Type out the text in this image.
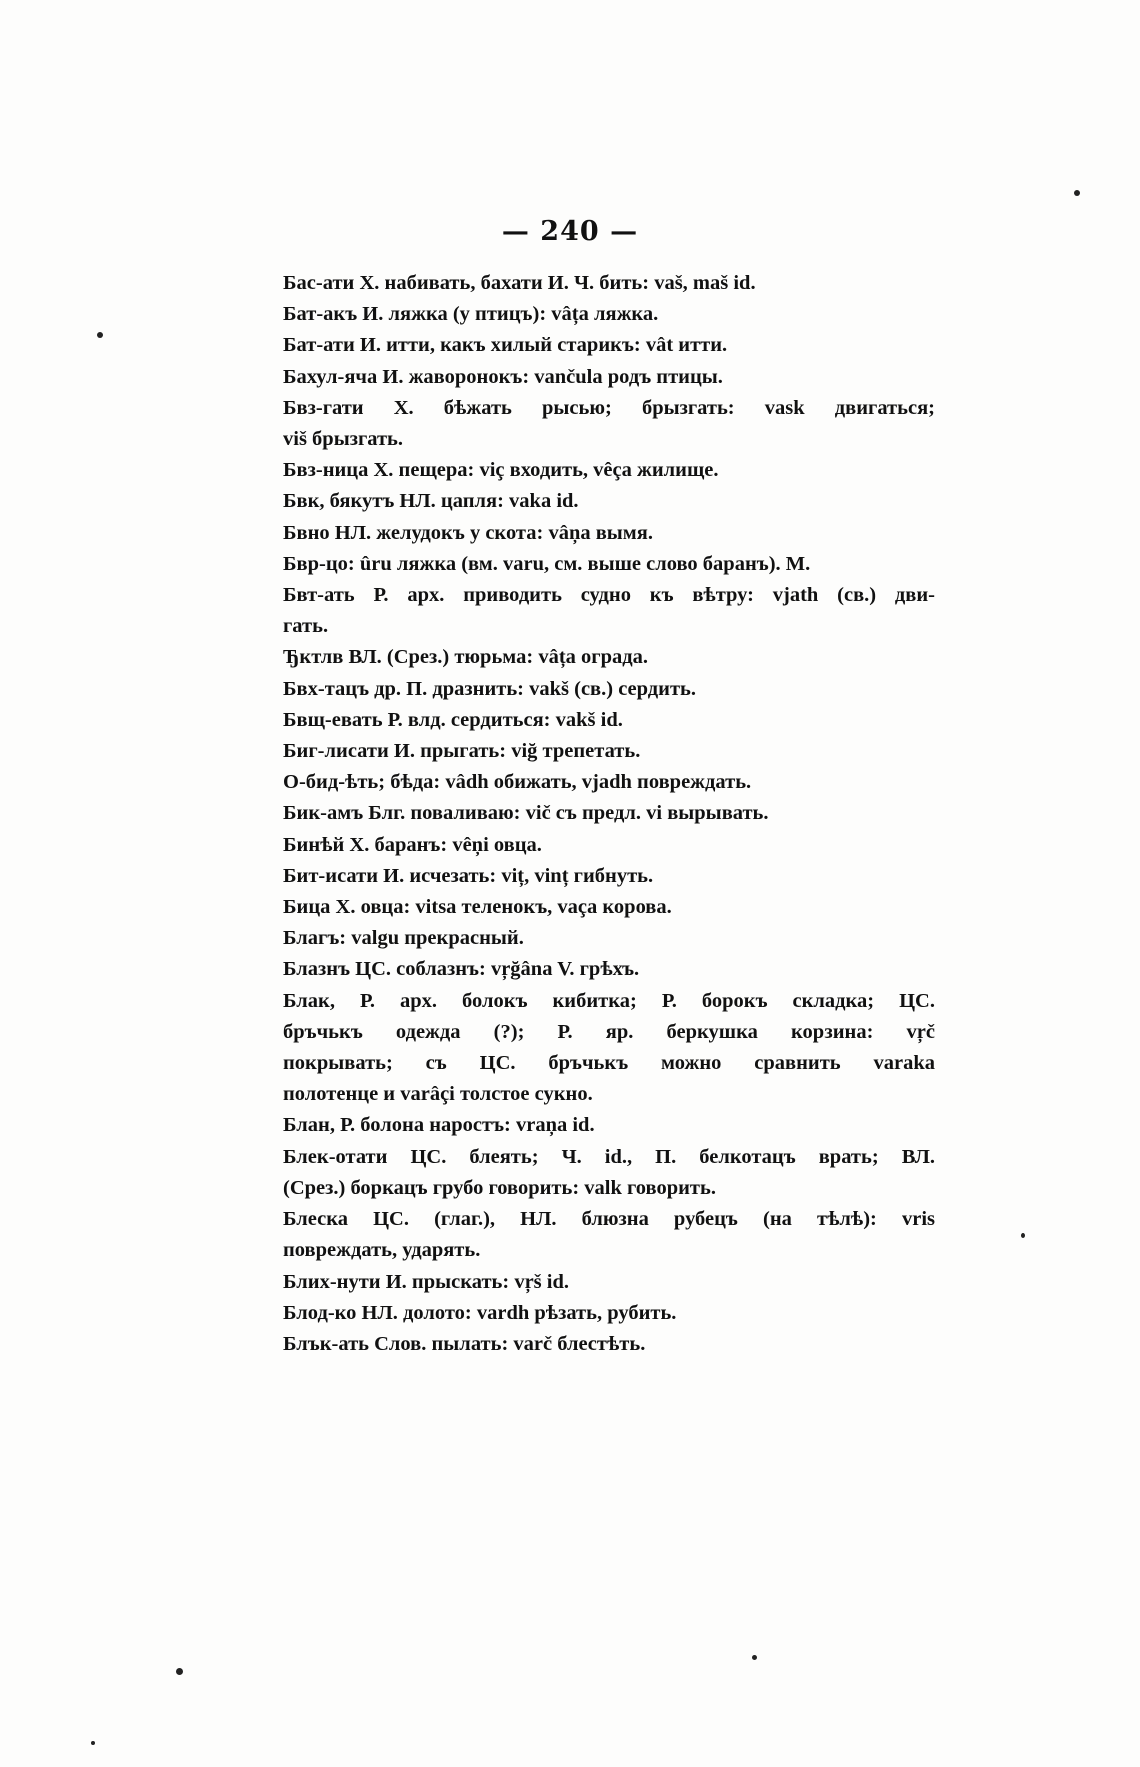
— 240 —
Бас-ати Х. набивать, бахати И. Ч. бить: vaš, maš id.
Бат-акъ И. ляжка (у птицъ): vâța ляжка.
Бат-ати И. итти, какъ хилый старикъ: vât итти.
Бахул-яча И. жаворонокъ: vančula родъ птицы.
Бвз-гати Х. бѣжать рысью; брызгать: vask двигаться;
viš брызгать.
Бвз-ница Х. пещера: viç входить, vêça жилище.
Бвк, бякутъ НЛ. цапля: vaka id.
Бвно НЛ. желудокъ у скота: vâņa вымя.
Бвр-цо: ûru ляжка (вм. varu, см. выше слово баранъ). М.
Бвт-ать Р. арх. приводить судно къ вѣтру: vjath (св.) дви-
гать.
Ђктлв ВЛ. (Срез.) тюрьма: vâța ограда.
Бвх-тацъ др. П. дразнить: vakš (св.) сердить.
Бвщ-евать Р. влд. сердиться: vakš id.
Биг-лисати И. прыгать: viğ трепетать.
О-бид-ѣть; бѣда: vâdh обижать, vjadh повреждать.
Бик-амъ Блг. поваливаю: vič съ предл. vi вырывать.
Бинѣй Х. баранъ: vêņi овца.
Бит-исати И. исчезать: viț, vinț гибнуть.
Бица Х. овца: vitsa теленокъ, vaça корова.
Благъ: valgu прекрасный.
Блазнъ ЦС. соблазнъ: vŗğâna V. грѣхъ.
Блак, Р. арх. болокъ кибитка; Р. борокъ складка; ЦС.
бръчькъ одежда (?); Р. яр. беркушка корзина: vŗč
покрывать; съ ЦС. бръчькъ можно сравнить varaka
полотенце и varâçi толстое сукно.
Блан, Р. болона наростъ: vraņa id.
Блек-отати ЦС. блеять; Ч. id., П. белкотацъ врать; ВЛ.
(Срез.) боркацъ грубо говорить: valk говорить.
Блеска ЦС. (глаг.), НЛ. блюзна рубецъ (на тѣлѣ): vris
повреждать, ударять.
Блих-нути И. прыскать: vŗš id.
Блод-ко НЛ. долото: vardh рѣзать, рубить.
Блък-ать Слов. пылать: varč блестѣть.
